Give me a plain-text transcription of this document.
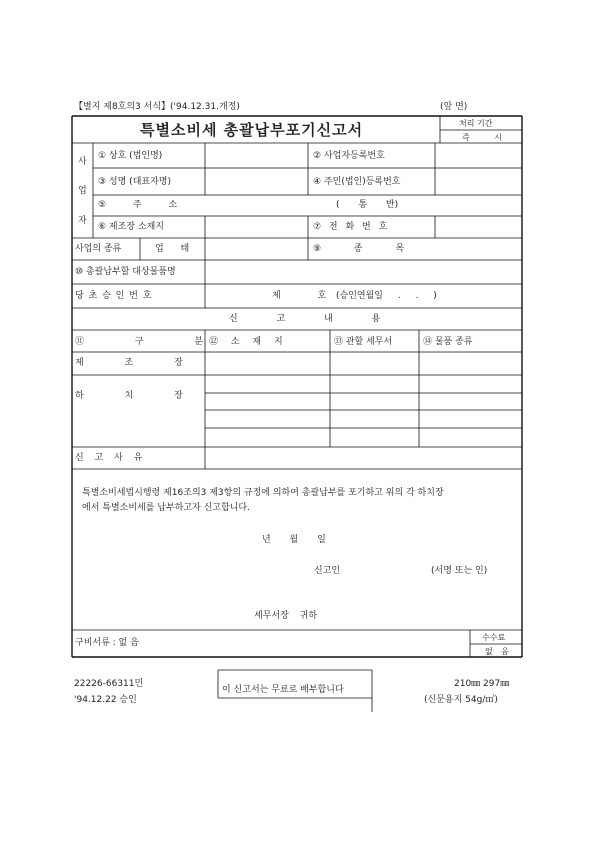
【별지 제8호의3 서식】('94.12.31.개정)	(앞 면)
특별소비세 총괄납부포기신고서	처리 기간
즉 시
사
업
자
① 상호 (법인명)	② 사업자등록번호
③ 성명 (대표자명)	④ 주민(법인)등록번호
⑤ 주 소	( 통 반)
⑥ 제조장 소재지	⑦ 전 화 번 호
사업의 종류	업 태	⑨ 종 목
⑩ 총괄납부할 대상물품명
당 초 승 인 번 호	제 호 (승인연월일 . . )
신 고 내 용
⑪ 구 분 ⑫ 소 재 지	⑬ 관할 세무서	⑭ 물품 종류
제 조 장
하 치 장
신 고 사 유
특별소비세법시행령 제16조의3 제3항의 규정에 의하여 총괄납부를 포기하고 위의 각 하치장
에서 특별소비세를 납부하고자 신고합니다.
년 월 일
신고인	(서명 또는 인)
세무서장 귀하
구비서류 : 없 음
수수료
없 음
22226-66311민
'94.12.22 승인
이 신고서는 무료로 배부합니다
210㎜ 297㎜
(신문용지 54g/㎡)
